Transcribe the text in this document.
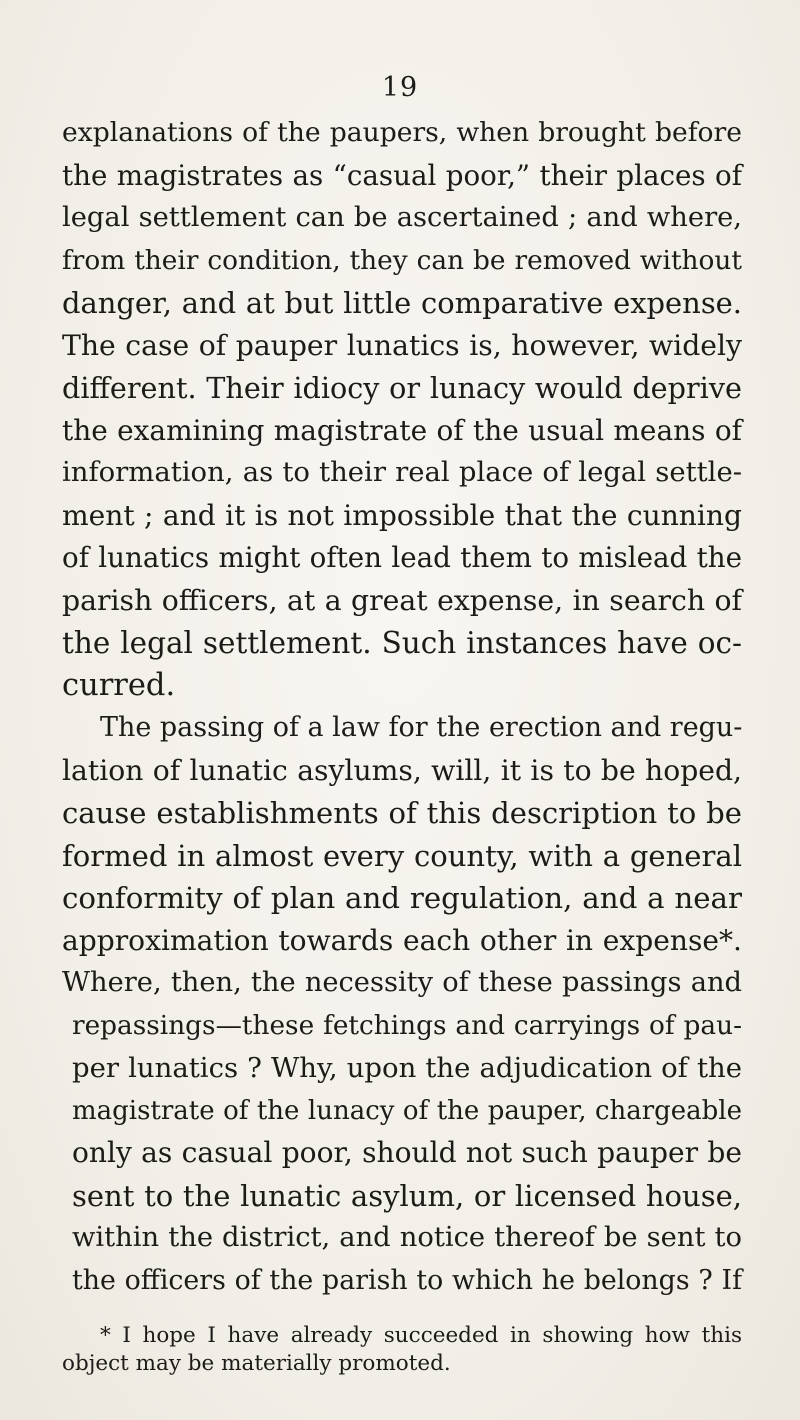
19
explanations of the paupers, when brought before
the magistrates as “casual poor,” their places of
legal settlement can be ascertained ; and where,
from their condition, they can be removed without
danger, and at but little comparative expense.
The case of pauper lunatics is, however, widely
different. Their idiocy or lunacy would deprive
the examining magistrate of the usual means of
information, as to their real place of legal settle-
ment ; and it is not impossible that the cunning
of lunatics might often lead them to mislead the
parish officers, at a great expense, in search of
the legal settlement. Such instances have oc-
curred.
The passing of a law for the erection and regu-
lation of lunatic asylums, will, it is to be hoped,
cause establishments of this description to be
formed in almost every county, with a general
conformity of plan and regulation, and a near
approximation towards each other in expense*.
Where, then, the necessity of these passings and
repassings—these fetchings and carryings of pau-
per lunatics ? Why, upon the adjudication of the
magistrate of the lunacy of the pauper, chargeable
only as casual poor, should not such pauper be
sent to the lunatic asylum, or licensed house,
within the district, and notice thereof be sent to
the officers of the parish to which he belongs ? If
* I hope I have already succeeded in showing how this
object may be materially promoted.
